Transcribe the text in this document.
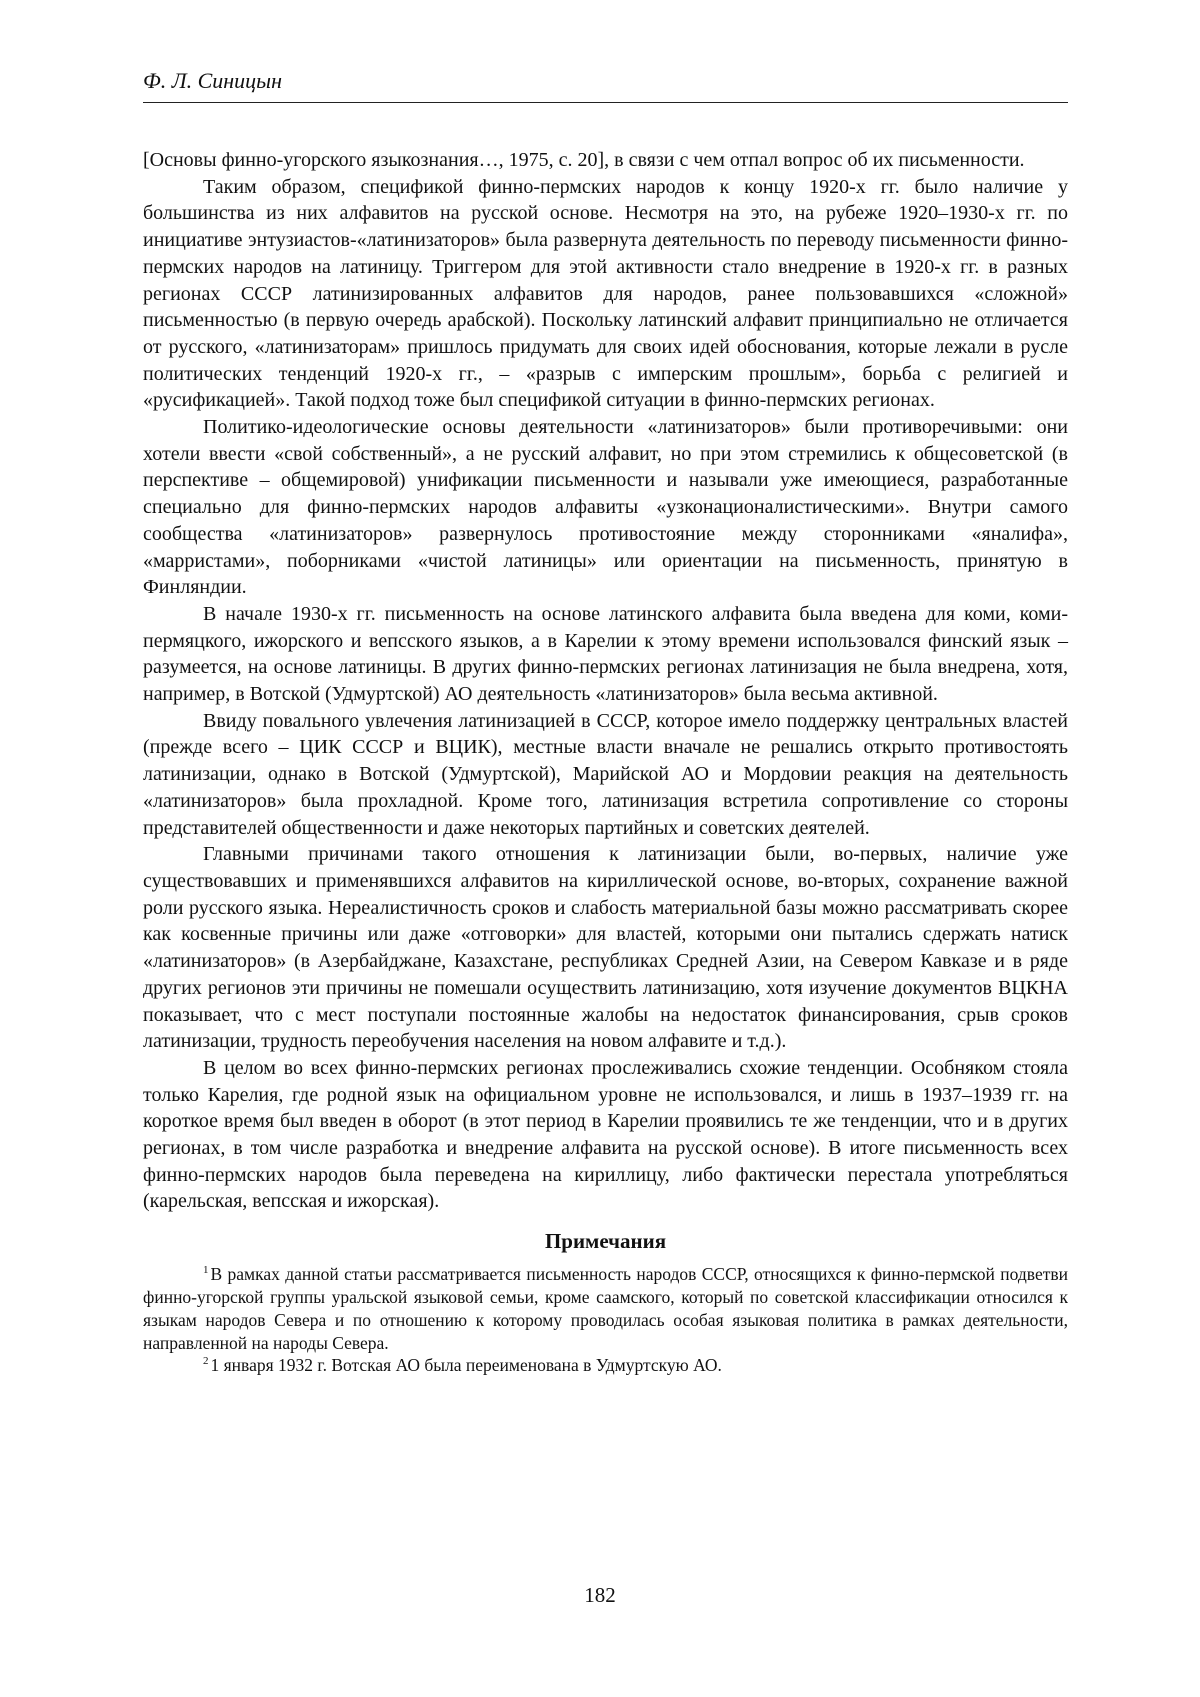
Ф. Л. Синицын

[Основы финно-угорского языкознания…, 1975, с. 20], в связи с чем отпал вопрос об их письменности.

Таким образом, спецификой финно-пермских народов к концу 1920-х гг. было наличие у большинства из них алфавитов на русской основе. Несмотря на это, на рубеже 1920–1930-х гг. по инициативе энтузиастов-«латинизаторов» была развернута деятельность по переводу письменности финно-пермских народов на латиницу. Триггером для этой активности стало внедрение в 1920-х гг. в разных регионах СССР латинизированных алфавитов для народов, ранее пользовавшихся «сложной» письменностью (в первую очередь арабской). Поскольку латинский алфавит принципиально не отличается от русского, «латинизаторам» пришлось придумать для своих идей обоснования, которые лежали в русле политических тенденций 1920-х гг., – «разрыв с имперским прошлым», борьба с религией и «русификацией». Такой подход тоже был спецификой ситуации в финно-пермских регионах.

Политико-идеологические основы деятельности «латинизаторов» были противоречивыми: они хотели ввести «свой собственный», а не русский алфавит, но при этом стремились к общесоветской (в перспективе – общемировой) унификации письменности и называли уже имеющиеся, разработанные специально для финно-пермских народов алфавиты «узконационалистическими». Внутри самого сообщества «латинизаторов» развернулось противостояние между сторонниками «яналифа», «марристами», поборниками «чистой латиницы» или ориентации на письменность, принятую в Финляндии.

В начале 1930-х гг. письменность на основе латинского алфавита была введена для коми, коми-пермяцкого, ижорского и вепсского языков, а в Карелии к этому времени использовался финский язык – разумеется, на основе латиницы. В других финно-пермских регионах латинизация не была внедрена, хотя, например, в Вотской (Удмуртской) АО деятельность «латинизаторов» была весьма активной.

Ввиду повального увлечения латинизацией в СССР, которое имело поддержку центральных властей (прежде всего – ЦИК СССР и ВЦИК), местные власти вначале не решались открыто противостоять латинизации, однако в Вотской (Удмуртской), Марийской АО и Мордовии реакция на деятельность «латинизаторов» была прохладной. Кроме того, латинизация встретила сопротивление со стороны представителей общественности и даже некоторых партийных и советских деятелей.

Главными причинами такого отношения к латинизации были, во-первых, наличие уже существовавших и применявшихся алфавитов на кириллической основе, во-вторых, сохранение важной роли русского языка. Нереалистичность сроков и слабость материальной базы можно рассматривать скорее как косвенные причины или даже «отговорки» для властей, которыми они пытались сдержать натиск «латинизаторов» (в Азербайджане, Казахстане, республиках Средней Азии, на Севером Кавказе и в ряде других регионов эти причины не помешали осуществить латинизацию, хотя изучение документов ВЦКНА показывает, что с мест поступали постоянные жалобы на недостаток финансирования, срыв сроков латинизации, трудность переобучения населения на новом алфавите и т.д.).

В целом во всех финно-пермских регионах прослеживались схожие тенденции. Особняком стояла только Карелия, где родной язык на официальном уровне не использовался, и лишь в 1937–1939 гг. на короткое время был введен в оборот (в этот период в Карелии проявились те же тенденции, что и в других регионах, в том числе разработка и внедрение алфавита на русской основе). В итоге письменность всех финно-пермских народов была переведена на кириллицу, либо фактически перестала употребляться (карельская, вепсская и ижорская).

Примечания

1 В рамках данной статьи рассматривается письменность народов СССР, относящихся к финно-пермской подветви финно-угорской группы уральской языковой семьи, кроме саамского, который по советской классификации относился к языкам народов Севера и по отношению к которому проводилась особая языковая политика в рамках деятельности, направленной на народы Севера.

2 1 января 1932 г. Вотская АО была переименована в Удмуртскую АО.

182
